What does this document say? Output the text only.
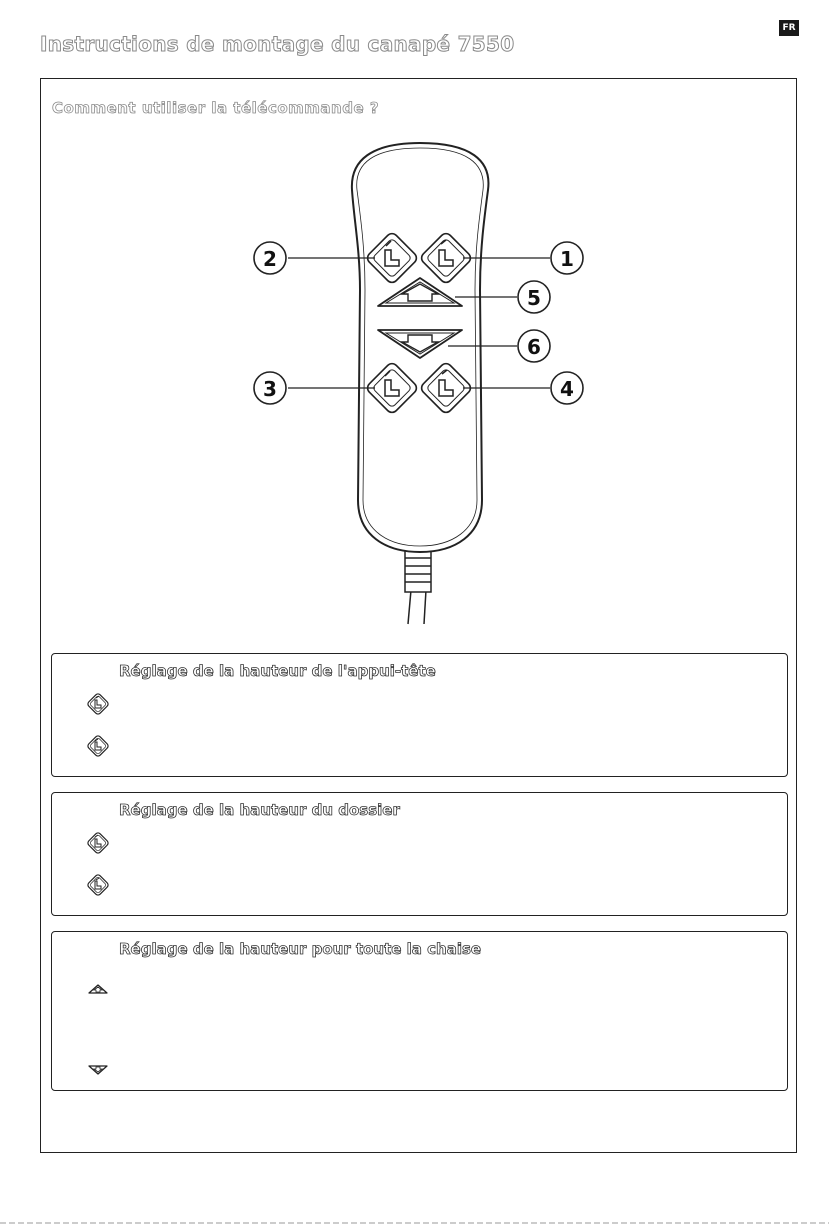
FR
Instructions de montage du canapé 7550
Comment utiliser la télécommande ?
1
2
3	4
5
6
Réglage de la hauteur de l'appui-tête
Réglage de la hauteur du dossier
Réglage de la hauteur pour toute la chaise
